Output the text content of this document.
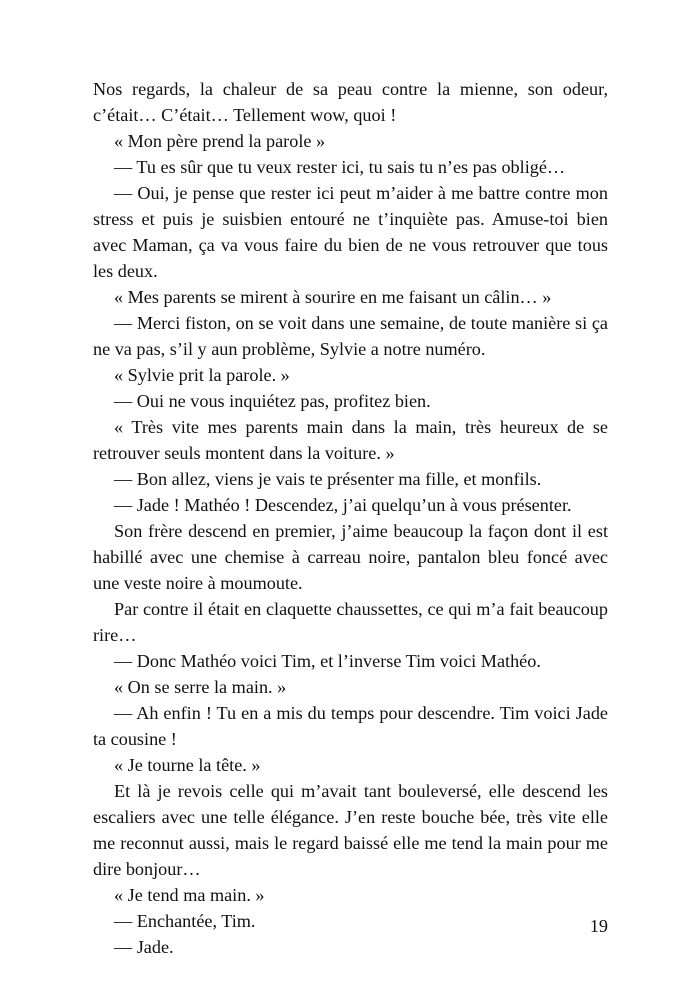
Nos regards, la chaleur de sa peau contre la mienne, son odeur, c’était… C’était… Tellement wow, quoi !

« Mon père prend la parole »

— Tu es sûr que tu veux rester ici, tu sais tu n’es pas obligé…

— Oui, je pense que rester ici peut m’aider à me battre contre mon stress et puis je suisbien entouré ne t’inquiète pas. Amuse-toi bien avec Maman, ça va vous faire du bien de ne vous retrouver que tous les deux.

« Mes parents se mirent à sourire en me faisant un câlin… »

— Merci fiston, on se voit dans une semaine, de toute manière si ça ne va pas, s’il y aun problème, Sylvie a notre numéro.

« Sylvie prit la parole. »

— Oui ne vous inquiétez pas, profitez bien.

« Très vite mes parents main dans la main, très heureux de se retrouver seuls montent dans la voiture. »

— Bon allez, viens je vais te présenter ma fille, et monfils.

— Jade ! Mathéo ! Descendez, j’ai quelqu’un à vous présenter.

Son frère descend en premier, j’aime beaucoup la façon dont il est habillé avec une chemise à carreau noire, pantalon bleu foncé avec une veste noire à moumoute.

Par contre il était en claquette chaussettes, ce qui m’a fait beaucoup rire…

— Donc Mathéo voici Tim, et l’inverse Tim voici Mathéo.

« On se serre la main. »

— Ah enfin ! Tu en a mis du temps pour descendre. Tim voici Jade ta cousine !

« Je tourne la tête. »

Et là je revois celle qui m’avait tant bouleversé, elle descend les escaliers avec une telle élégance. J’en reste bouche bée, très vite elle me reconnut aussi, mais le regard baissé elle me tend la main pour me dire bonjour…

« Je tend ma main. »

— Enchantée, Tim.

— Jade.

19
